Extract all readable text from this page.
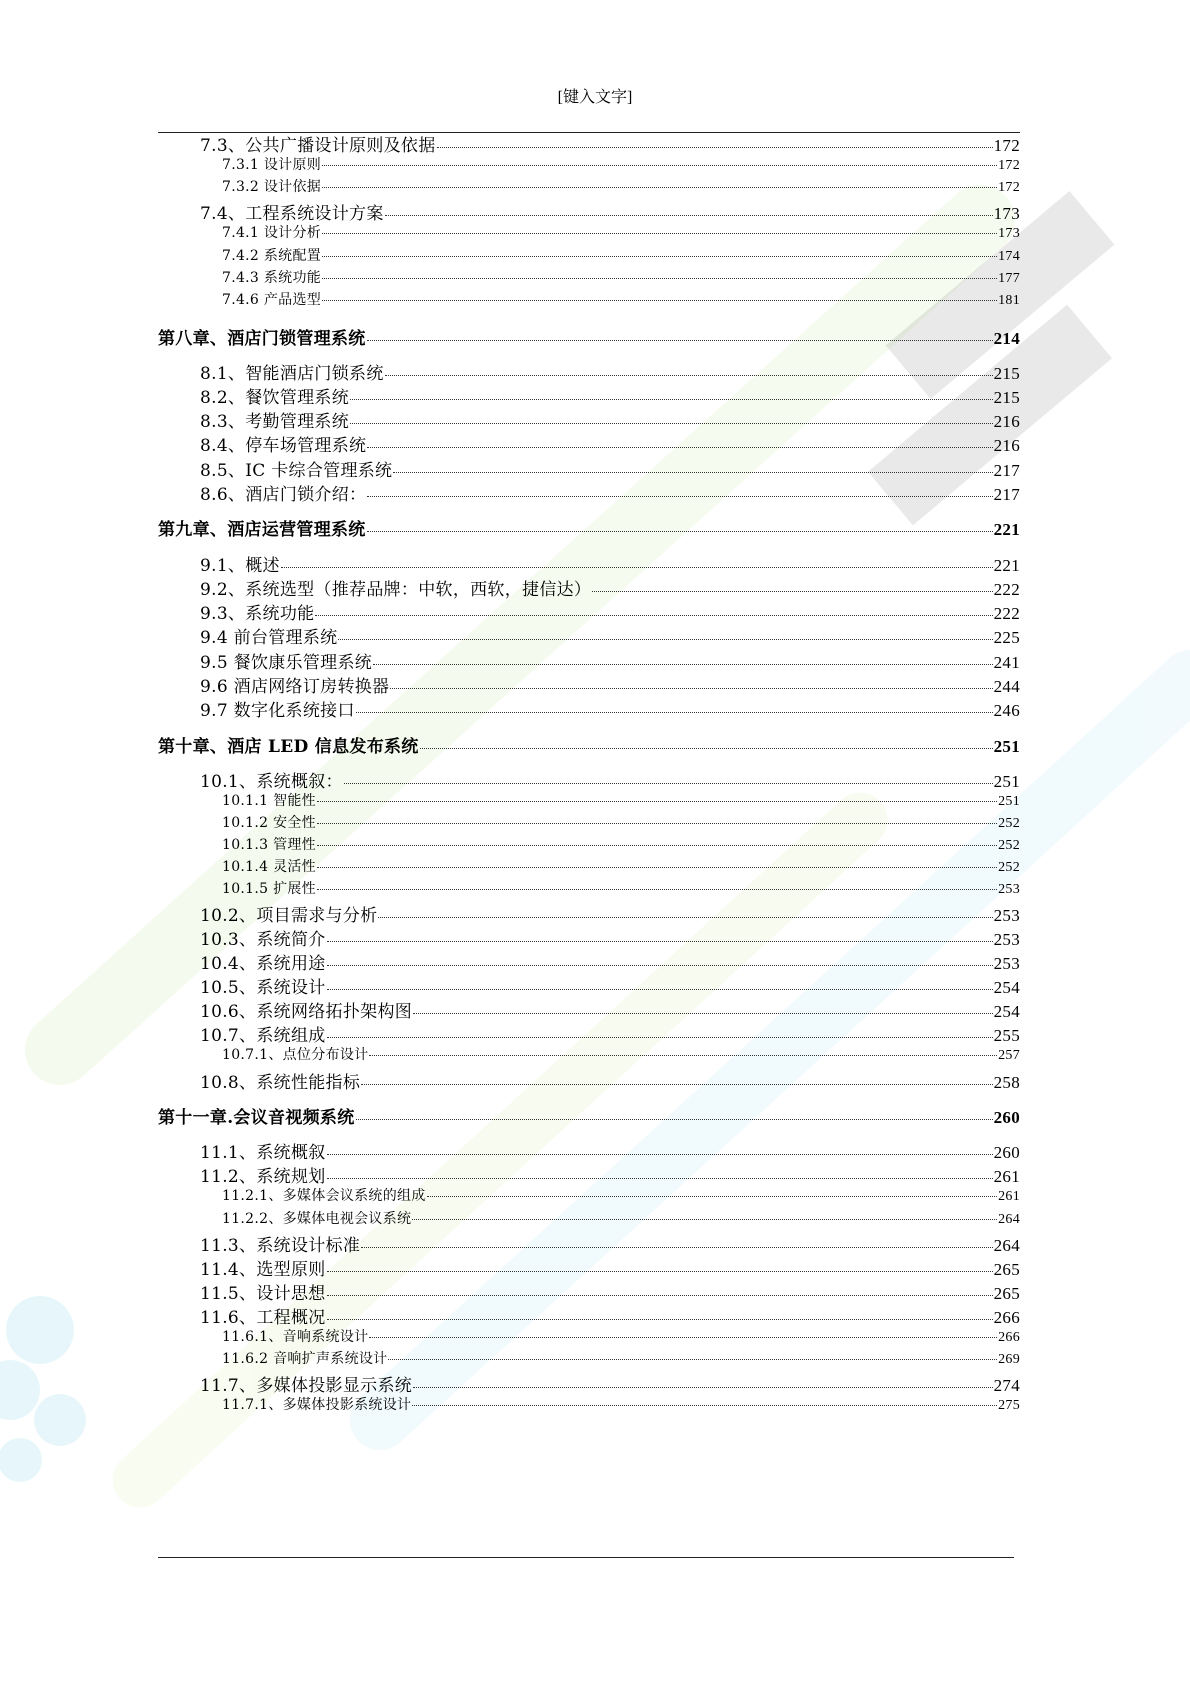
[键入文字]
7.3、公共广播设计原则及依据	172
7.3.1 设计原则	172
7.3.2 设计依据	172
7.4、工程系统设计方案	173
7.4.1 设计分析	173
7.4.2 系统配置	174
7.4.3 系统功能	177
7.4.6 产品选型	181
第八章、酒店门锁管理系统	214
8.1、智能酒店门锁系统	215
8.2、餐饮管理系统	215
8.3、考勤管理系统	216
8.4、停车场管理系统	216
8.5、IC 卡综合管理系统	217
8.6、酒店门锁介绍：	217
第九章、酒店运营管理系统	221
9.1、概述	221
9.2、系统选型（推荐品牌：中软，西软，捷信达）	222
9.3、系统功能	222
9.4 前台管理系统	225
9.5 餐饮康乐管理系统	241
9.6 酒店网络订房转换器	244
9.7 数字化系统接口	246
第十章、酒店 LED 信息发布系统	251
10.1、系统概叙：	251
10.1.1 智能性	251
10.1.2 安全性	252
10.1.3 管理性	252
10.1.4 灵活性	252
10.1.5 扩展性	253
10.2、项目需求与分析	253
10.3、系统简介	253
10.4、系统用途	253
10.5、系统设计	254
10.6、系统网络拓扑架构图	254
10.7、系统组成	255
10.7.1、点位分布设计	257
10.8、系统性能指标	258
第十一章.会议音视频系统	260
11.1、系统概叙	260
11.2、系统规划	261
11.2.1、多媒体会议系统的组成	261
11.2.2、多媒体电视会议系统	264
11.3、系统设计标准	264
11.4、选型原则	265
11.5、设计思想	265
11.6、工程概况	266
11.6.1、音响系统设计	266
11.6.2 音响扩声系统设计	269
11.7、多媒体投影显示系统	274
11.7.1、多媒体投影系统设计	275
